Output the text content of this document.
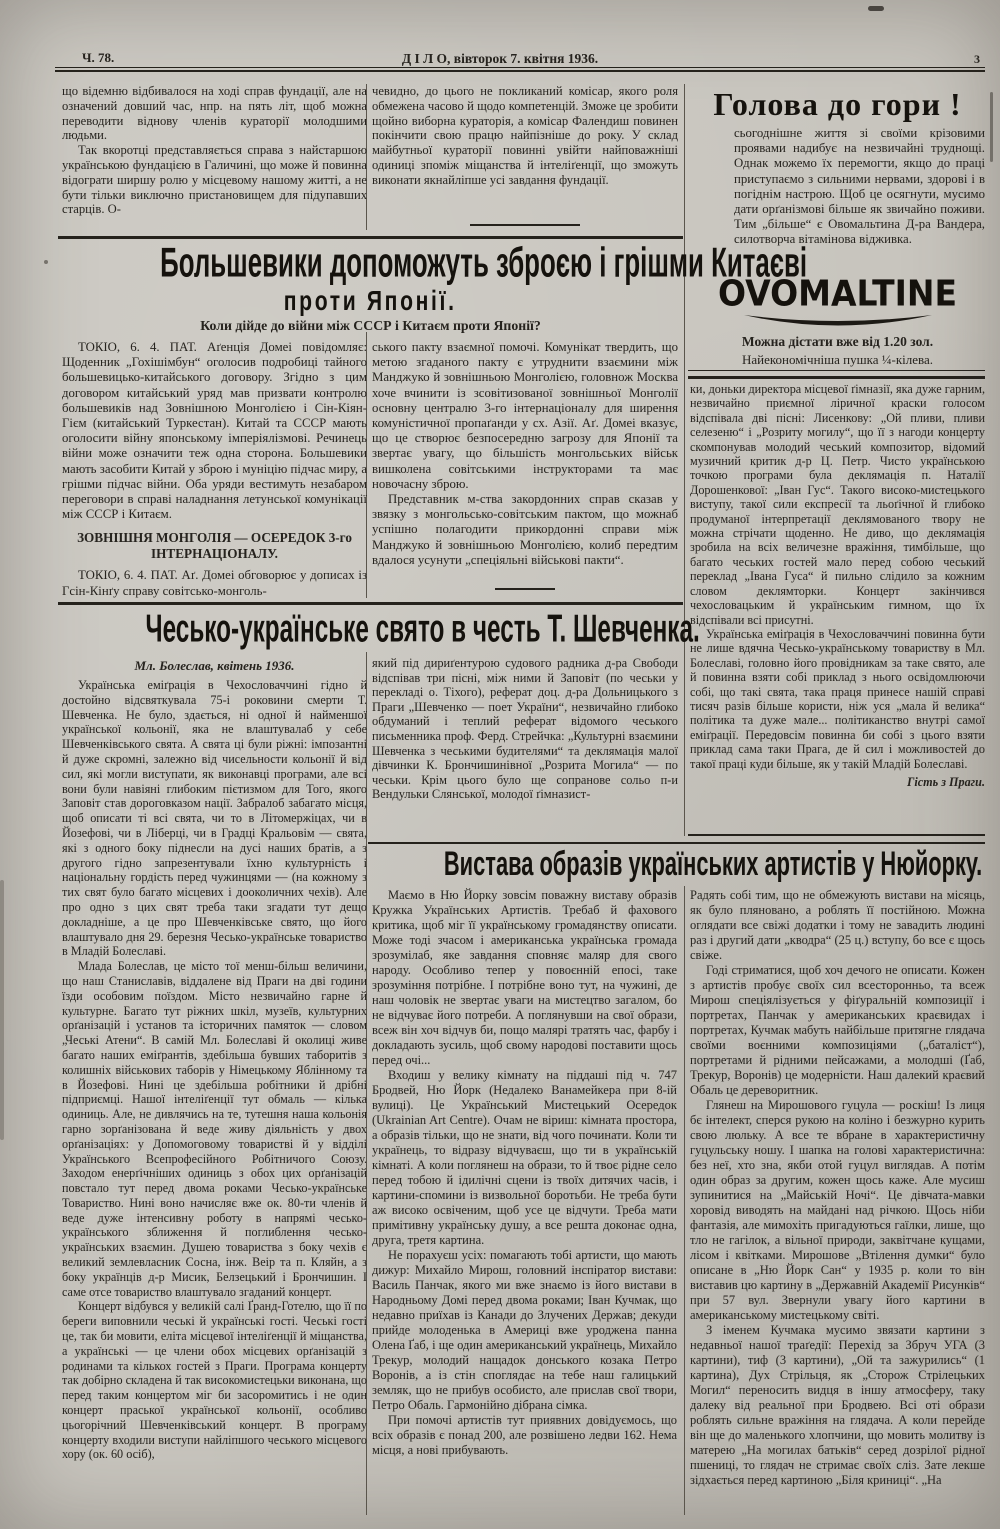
Ч. 78.	Д І Л О, вівторок 7. квітня 1936.	3

що відемню відбивалося на ході справ фундації, але на означений довший час, нпр. на пять літ, щоб можна переводити віднову членів кураторії молодшими людьми.

Так вкоротці представляється справа з найстаршою українською фундацією в Галичині, що може й повинна відограти ширшу ролю у місцевому нашому житті, а не бути тільки виключно пристановищем для підупавших старців. О-

чевидно, до цього не покликаний комісар, якого роля обмежена часово й щодо компетенцій. Зможе це зробити щойно виборна кураторія, а комісар Фалендиш повинен покінчити свою працю найпізніше до року. У склад майбутньої кураторії повинні увійти найповажніші одиниці зпоміж міщанства й інтеліґенції, що зможуть виконати якнайліпше усі завдання фундації.

Голова до гори !

сьогоднішне життя зі своїми крізовими проявами надибує на незвичайні труднощі. Однак можемо їх перемогти, якщо до праці приступаємо з сильними нервами, здорові і в погіднім настрою. Щоб це осягнути, мусимо дати орґанізмові більше як звичайно поживи. Тим „більше“ є Овомальтина Д-ра Вандера, силотворча вітамінова відживка.

OVOMALTINE
Можна дістати вже від 1.20 зол.
Найекономічніша пушка ¼-кілева.

ки, доньки директора місцевої ґімназії, яка дуже гарним, незвичайно приємної ліричної краски голосом відспівала дві пісні: Лисенкову: „Ой пливи, пливи селезеню“ і „Розриту могилу“, що її з нагоди концерту скомпонував молодий чеський композитор, відомий музичний критик д-р Ц. Петр. Чисто українською точкою програми була деклямація п. Наталії Дорошенкової: „Іван Гус“. Такого високо-мистецького виступу, такої сили експресії та льоґічної й глибоко продуманої інтерпретації деклямованого твору не можна стрічати щоденно. Не диво, що деклямація зробила на всіх величезне вражіння, тимбільше, що багато чеських гостей мало перед собою чеський переклад „Івана Гуса“ й пильно слідило за кожним словом деклямторки. Концерт закінчився чехословацьким й українським гимном, що їх відспівали всі присутні.

Українська еміґрація в Чехословаччині повинна бути не лише вдячна Чесько-українському товариству в Мл. Болеславі, головно його провідникам за таке свято, але й повинна взяти собі приклад з нього освідомлюючи собі, що такі свята, така праця принесе нашій справі тисяч разів більше користи, ніж уся „мала й велика“ політика та дуже мале... політиканство внутрі самої еміґрації. Передовсім повинна би собі з цього взяти приклад сама таки Прага, де й сил і можливостей до такої праці куди більше, як у такій Младій Болеславі.

Гість з Праги.

Большевики допоможуть зброєю і грішми Китаєві
проти Японії.
Коли дійде до війни між СССР і Китаєм проти Японії?

ТОКІО, 6. 4. ПАТ. Аґенція Домеі повідомляє: Щоденник „Гохішімбун“ оголосив подробиці тайного большевицько-китайського договору. Згідно з цим договором китайський уряд мав призвати контролю большевиків над Зовнішною Монголією і Сін-Кіян-Гієм (китайський Туркестан). Китай та СССР мають оголосити війну японському імперіялізмові. Речинець війни може означити теж одна сторона. Большевики мають засобити Китай у зброю і муніцію підчас миру, а грішми підчас війни. Оба уряди вестимуть незабаром переговори в справі наладнання летунської комунікації між СССР і Китаєм.

ЗОВНІШНЯ МОНГОЛІЯ — ОСЕРЕДОК 3-го ІНТЕРНАЦІОНАЛУ.

ТОКІО, 6. 4. ПАТ. Аґ. Домеі обговорює у дописах із Гсін-Кінґу справу совітсько-монголь-

ського пакту взаємної помочі. Комунікат твердить, що метою згаданого пакту є утруднити взаємини між Манджуко й зовнішньою Монголією, головнож Москва хоче вчинити із зсовітизованої зовнішньої Монголії основну централю 3-го інтернаціоналу для ширення комуністичної пропаґанди у сх. Азії. Аґ. Домеі вказує, що це створює безпосередню загрозу для Японії та звертає увагу, що більшість монгольських військ вишколена совітськими інструкторами та має новочасну зброю.

Представник м-ства закордонних справ сказав у звязку з монгольсько-совітським пактом, що можнаб успішно полагодити прикордонні справи між Манджуко й зовнішньою Монголією, колиб передтим вдалося усунути „спеціяльні військові пакти“.

Чесько-українське свято в честь Т. Шевченка.
Мл. Болеслав, квітень 1936.

Українська еміґрація в Чехословаччині гідно й достойно відсвяткувала 75-і роковини смерти Т. Шевченка. Не було, здається, ні одної й найменшої української кольонії, яка не влаштувалаб у себе Шевченківського свята. А свята ці були ріжні: імпозантні й дуже скромні, залежно від чисельности кольонії й від сил, які могли виступати, як виконавці програми, але всі вони були навіяні глибоким пієтизмом для Того, якого Заповіт став дороговказом нації. Забралоб забагато місця, щоб описати ті всі свята, чи то в Літомержіцах, чи в Йозефові, чи в Ліберці, чи в Градці Кральовім — свята, які з одного боку піднесли на дусі наших братів, а з другого гідно запрезентували їхню культурність і національну гордість перед чужинцями — (на кожному з тих свят було багато місцевих і дооколичних чехів). Але про одно з цих свят треба таки згадати тут дещо докладніше, а це про Шевченківське свято, що його влаштувало дня 29. березня Чесько-українське товариство в Младій Болеславі.

Млада Болеслав, це місто тої менш-більш величини, що наш Станиславів, віддалене від Праги на дві години їзди особовим поїздом. Місто незвичайно гарне й культурне. Багато тут ріжних шкіл, музеїв, культурних орґанізацій і установ та історичних памяток — словом „Чеські Атени“. В самій Мл. Болеславі й околиці живе багато наших еміґрантів, здебільша бувших таборитів з колишніх військових таборів у Німецькому Яблінному та в Йозефові. Нині це здебільша робітники й дрібні підприємці. Нашої інтеліґенції тут обмаль — кілька одиниць. Але, не дивлячись на те, тутешня наша кольонія гарно зорґанізована й веде живу діяльність у двох орґанізаціях: у Допомоговому товаристві й у відділі Українського Всепрофесійного Робітничого Союзу. Заходом енерґічніших одиниць з обох цих орґанізацій повстало тут перед двома роками Чесько-українське Товариство. Нині воно начисляє вже ок. 80-ти членів й веде дуже інтенсивну роботу в напрямі чесько-українського зближення й поглиблення чесько-українських взаємин. Душею товариства з боку чехів є великий землевласник Сосна, інж. Веір та п. Кляйн, а з боку українців д-р Мисик, Белзецький і Брончишин. І саме отсе товариство влаштувало згаданий концерт.

Концерт відбувся у великій салі Ґранд-Готелю, що її по береги виповнили чеські й українські гості. Чеські гості це, так би мовити, еліта місцевої інтеліґенції й міщанства, а українські — це члени обох місцевих орґанізацій з родинами та кількох гостей з Праги. Програма концерту так добірно складена й так високомистецьки виконана, що перед таким концертом міг би засоромитись і не один концерт праської української кольонії, особливо цьогорічний Шевченківський концерт. В програму концерту входили виступи найліпшого чеського місцевого хору (ок. 60 осіб),

який під дириґентурою судового радника д-ра Свободи відспівав три пісні, між ними й Заповіт (по чеськи у перекладі о. Тіхого), реферат доц. д-ра Дольницького з Праги „Шевченко — поет України“, незвичайно глибоко обдуманий і теплий реферат відомого чеського письменника проф. Ферд. Стрейчка: „Культурні взаємини Шевченка з чеськими будителями“ та деклямація малої дівчинки К. Брончишинівної „Розрита Могила“ — по чеськи. Крім цього було ще сопранове сольо п-и Вендульки Слянської, молодої ґімназист-

Вистава образів українських артистів у Нюйорку.

Маємо в Ню Йорку зовсім поважну виставу образів Кружка Українських Артистів. Требаб й фахового критика, щоб міг її українському громадянству описати. Може тоді зчасом і американська українська громада зрозумілаб, яке завдання сповняє маляр для свого народу. Особливо тепер у повоєнній епосі, таке зрозуміння потрібне. І потрібне воно тут, на чужині, де наш чоловік не звертає уваги на мистецтво загалом, бо не відчуває його потреби. А поглянувши на свої образи, всеж він хоч відчув би, пощо малярі тратять час, фарбу і докладають зусиль, щоб свому народові поставити щось перед очі...

Входиш у велику кімнату на піддаші під ч. 747 Бродвей, Ню Йорк (Недалеко Ванамейкера при 8-ій вулиці). Це Український Мистецький Осередок (Ukrainian Art Centre). Очам не віриш: кімната простора, а образів тільки, що не знати, від чого починати. Коли ти українець, то відразу відчуваєш, що ти в українській кімнаті. А коли поглянеш на образи, то й твоє рідне село перед тобою й ідилічні сцени із твоїх дитячих часів, і картини-спомини із визвольної боротьби. Не треба бути аж високо освіченим, щоб усе це відчути. Треба мати примітивну українську душу, а все решта доконає одна, друга, третя картина.

Не порахуєш усіх: помагають тобі артисти, що мають дижур: Михайло Мирош, головний інспіратор вистави: Василь Панчак, якого ми вже знаємо із його вистави в Народньому Домі перед двома роками; Іван Кучмак, що недавно приїхав із Канади до Злучених Держав; декуди прийде молоденька в Америці вже уроджена панна Олена Ґаб, і ще один американський українець, Михайло Трекур, молодий нащадок донського козака Петро Воронів, а із стін споглядає на тебе наш галицький земляк, що не прибув особисто, але прислав свої твори, Петро Обаль. Гармонійно дібрана сімка.

При помочі артистів тут приявних довідуємось, що всіх образів є понад 200, але розвішено ледви 162. Нема місця, а нові прибувають.

Радять собі тим, що не обмежують вистави на місяць, як було пляновано, а роблять її постійною. Можна оглядати все свіжі додатки і тому не завадить людині раз і другий дати „кводра“ (25 ц.) вступу, бо все є щось свіже.

Годі стриматися, щоб хоч дечого не описати. Кожен з артистів пробує своїх сил всесторонньо, та всеж Мирош спеціялізується у фіґуральній композиції і портретах, Панчак у американських краєвидах і портретах, Кучмак мабуть найбільше притягне глядача своїми воєнними композиціями („баталіст“), портретами й рідними пейсажами, а молодші (Ґаб, Трекур, Воронів) це модерністи. Наш далекий краєвий Обаль це дереворитник.

Глянеш на Мирошового гуцула — роскіш! Із лиця бє інтелект, сперся рукою на коліно і безжурно курить свою люльку. А все те вбране в характеристичну гуцульську ношу. І шапка на голові характеристична: без неї, хто зна, якби отой гуцул виглядав. А потім один образ за другим, кожен щось каже. Але мусиш зупинитися на „Майській Ночі“. Це дівчата-мавки хоровід виводять на майдані над річкою. Щось ніби фантазія, але мимохіть пригадуються гаїлки, лише, що тло не гагілок, а вільної природи, заквітчане кущами, лісом і квітками. Мирошове „Втілення думки“ було описане в „Ню Йорк Сан“ у 1935 р. коли то він виставив цю картину в „Державній Академії Рисунків“ при 57 вул. Звернули увагу його картини в американському мистецькому світі.

З іменем Кучмака мусимо звязати картини з недавньої нашої траґедії: Перехід за Збруч УГА (3 картини), тиф (3 картини), „Ой та зажурились“ (1 картина), Дух Стрільця, як „Сторож Стрілецьких Могил“ переносить видця в іншу атмосферу, таку далеку від реальної при Бродвею. Всі оті образи роблять сильне вражіння на глядача. А коли перейде він ще до маленького хлопчини, що мовить молитву із матерею „На могилах батьків“ серед дозрілої рідної пшениці, то глядач не стримає своїх сліз. Зате лекше зідхається перед картиною „Біля криниці“. „На
